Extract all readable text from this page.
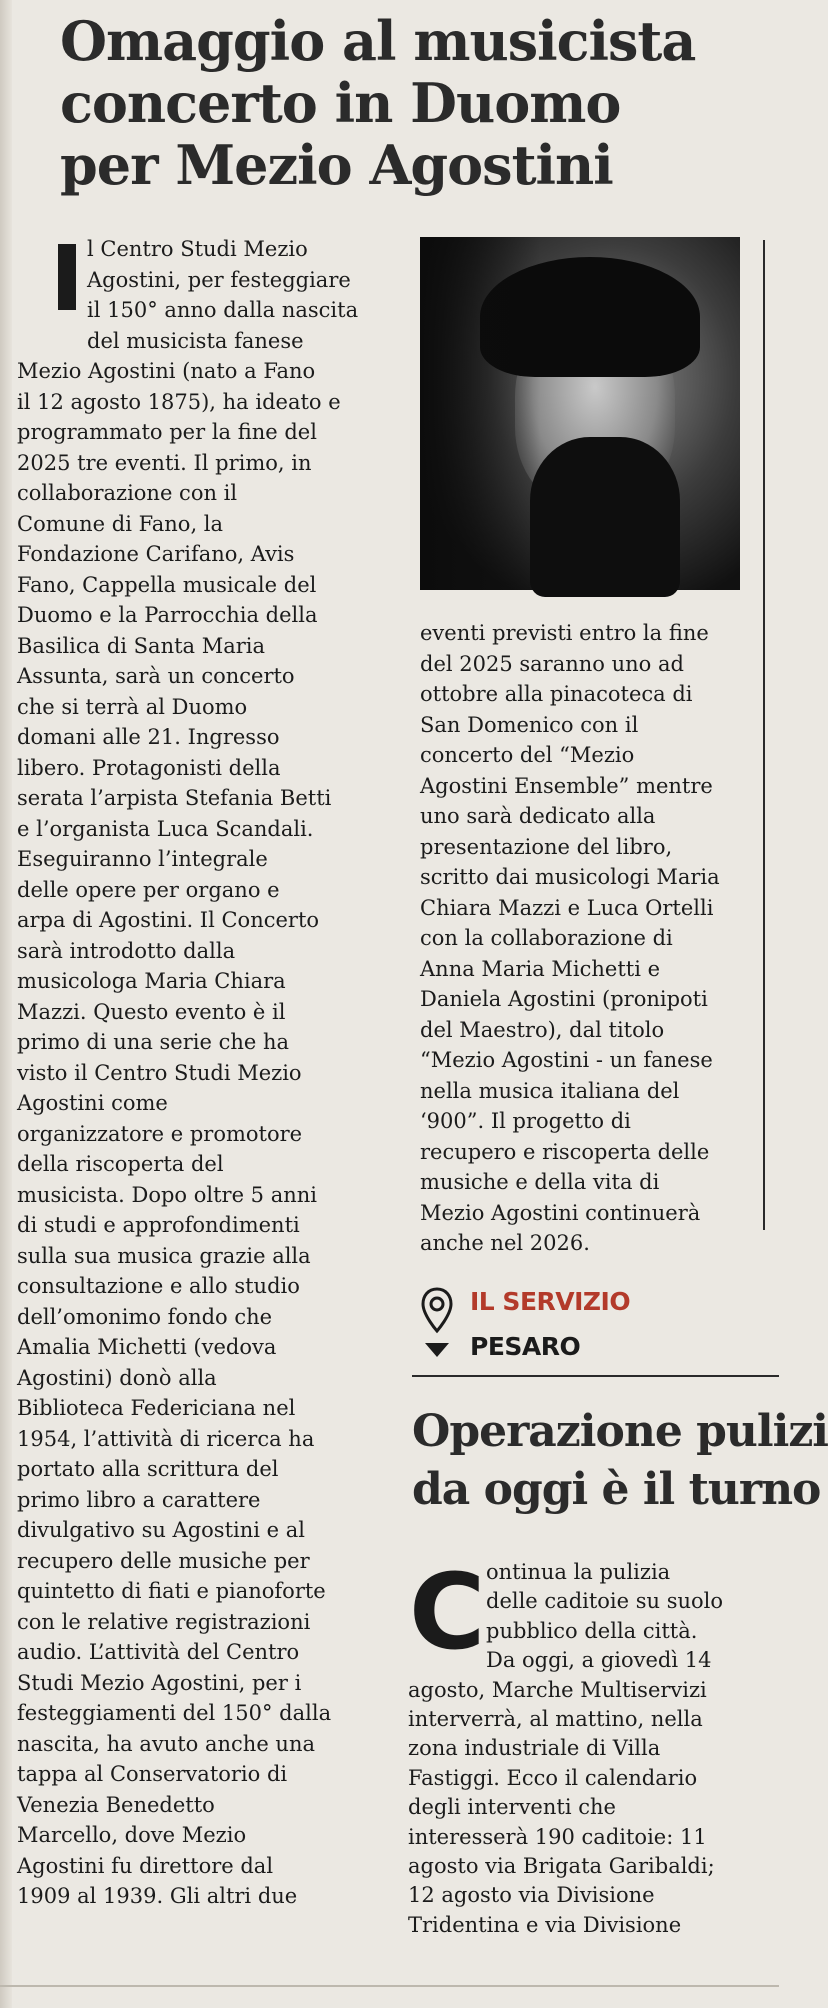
Omaggio al musicista
concerto in Duomo
per Mezio Agostini
l Centro Studi Mezio
Agostini, per festeggiare
il 150° anno dalla nascita
del musicista fanese
Mezio Agostini (nato a Fano
il 12 agosto 1875), ha ideato e
programmato per la fine del
2025 tre eventi. Il primo, in
collaborazione con il
Comune di Fano, la
Fondazione Carifano, Avis
Fano, Cappella musicale del
Duomo e la Parrocchia della
Basilica di Santa Maria
Assunta, sarà un concerto
che si terrà al Duomo
domani alle 21. Ingresso
libero. Protagonisti della
serata l’arpista Stefania Betti
e l’organista Luca Scandali.
Eseguiranno l’integrale
delle opere per organo e
arpa di Agostini. Il Concerto
sarà introdotto dalla
musicologa Maria Chiara
Mazzi. Questo evento è il
primo di una serie che ha
visto il Centro Studi Mezio
Agostini come
organizzatore e promotore
della riscoperta del
musicista. Dopo oltre 5 anni
di studi e approfondimenti
sulla sua musica grazie alla
consultazione e allo studio
dell’omonimo fondo che
Amalia Michetti (vedova
Agostini) donò alla
Biblioteca Federiciana nel
1954, l’attività di ricerca ha
portato alla scrittura del
primo libro a carattere
divulgativo su Agostini e al
recupero delle musiche per
quintetto di fiati e pianoforte
con le relative registrazioni
audio. L’attività del Centro
Studi Mezio Agostini, per i
festeggiamenti del 150° dalla
nascita, ha avuto anche una
tappa al Conservatorio di
Venezia Benedetto
Marcello, dove Mezio
Agostini fu direttore dal
1909 al 1939. Gli altri due
eventi previsti entro la fine
del 2025 saranno uno ad
ottobre alla pinacoteca di
San Domenico con il
concerto del “Mezio
Agostini Ensemble” mentre
uno sarà dedicato alla
presentazione del libro,
scritto dai musicologi Maria
Chiara Mazzi e Luca Ortelli
con la collaborazione di
Anna Maria Michetti e
Daniela Agostini (pronipoti
del Maestro), dal titolo
“Mezio Agostini - un fanese
nella musica italiana del
‘900”. Il progetto di
recupero e riscoperta delle
musiche e della vita di
Mezio Agostini continuerà
anche nel 2026.
IL SERVIZIO
PESARO
Operazione pulizi
da oggi è il turno
C ontinua la pulizia
delle caditoie su suolo
pubblico della città.
Da oggi, a giovedì 14
agosto, Marche Multiservizi
interverrà, al mattino, nella
zona industriale di Villa
Fastiggi. Ecco il calendario
degli interventi che
interesserà 190 caditoie: 11
agosto via Brigata Garibaldi;
12 agosto via Divisione
Tridentina e via Divisione
